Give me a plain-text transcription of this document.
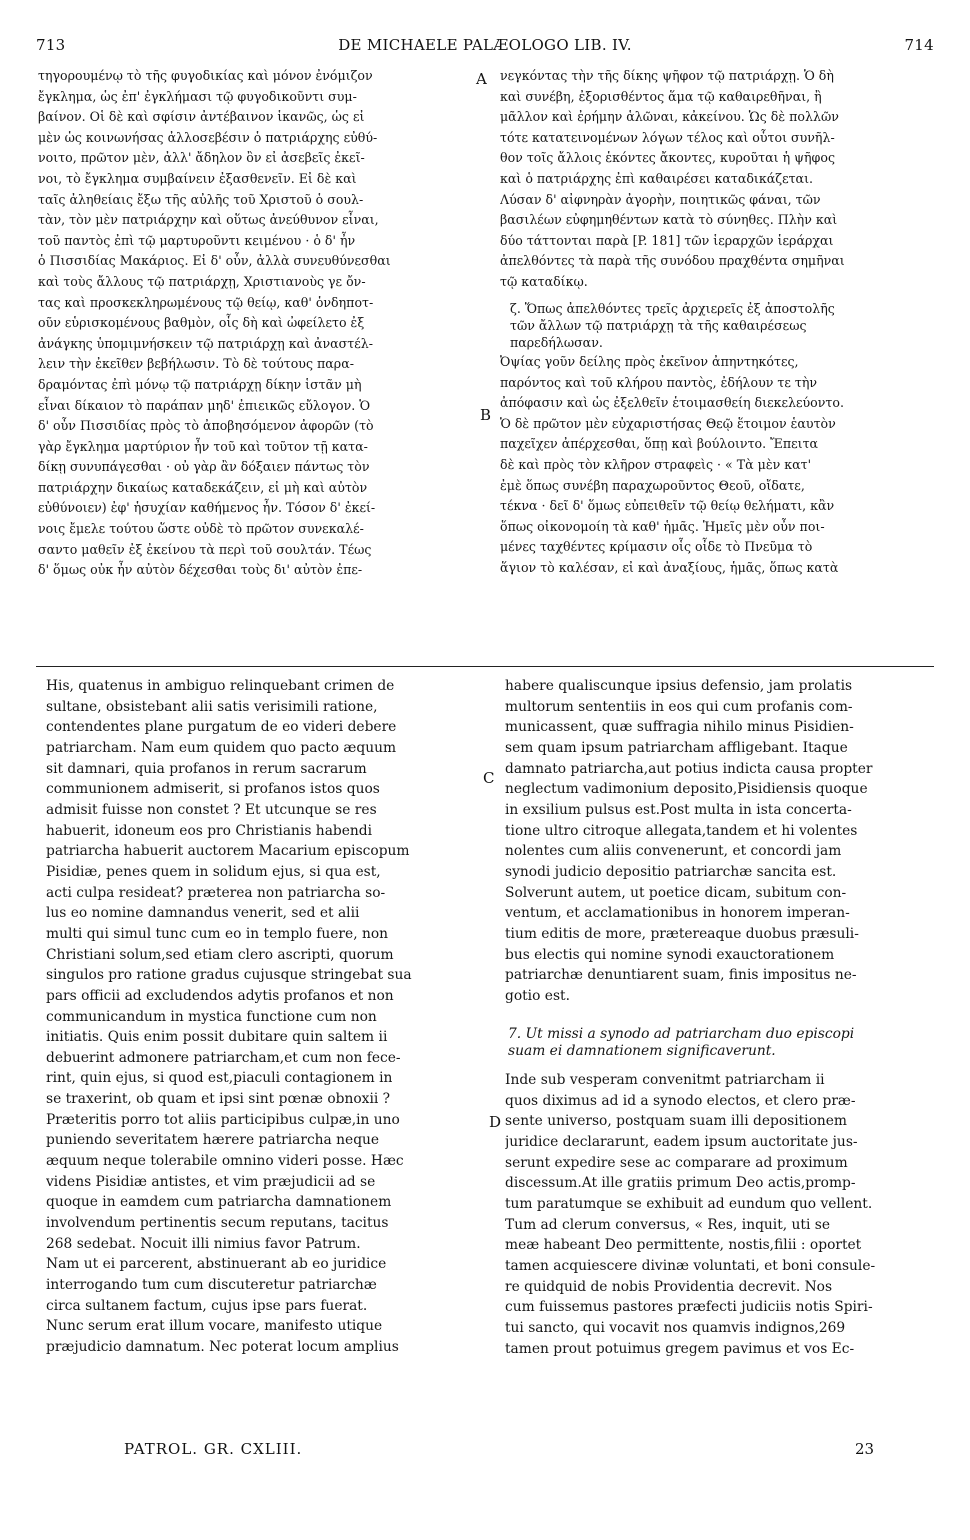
713	DE MICHAELE PALÆOLOGO LIB. IV.	714
τηγορουμένῳ τὸ τῆς φυγοδικίας καὶ μόνον ἐνόμιζον
ἔγκλημα, ὡς ἐπ' ἐγκλήμασι τῷ φυγοδικοῦντι συμ-
βαίνον. Οἱ δὲ καὶ σφίσιν ἀντέβαινον ἱκανῶς, ὡς εἰ
μὲν ὡς κοινωνήσας ἀλλοσεβέσιν ὁ πατριάρχης εὐθύ-
νοιτο, πρῶτον μὲν, ἀλλ' ἄδηλον ὂν εἰ ἀσεβεῖς ἐκεῖ-
νοι, τὸ ἔγκλημα συμβαίνειν ἐξασθενεῖν. Εἰ δὲ καὶ
ταῖς ἀληθείαις ἔξω τῆς αὐλῆς τοῦ Χριστοῦ ὁ σουλ-
τὰν, τὸν μὲν πατριάρχην καὶ οὕτως ἀνεύθυνον εἶναι,
τοῦ παντὸς ἐπὶ τῷ μαρτυροῦντι κειμένου · ὁ δ' ἦν
ὁ Πισσιδίας Μακάριος. Εἰ δ' οὖν, ἀλλὰ συνευθύνεσθαι
καὶ τοὺς ἄλλους τῷ πατριάρχῃ, Χριστιανοὺς γε ὄν-
τας καὶ προσκεκληρωμένους τῷ θείῳ, καθ' ὁνδηποτ-
οῦν εὑρισκομένους βαθμὸν, οἷς δὴ καὶ ὠφείλετο ἐξ
ἀνάγκης ὑπομιμνήσκειν τῷ πατριάρχῃ καὶ ἀναστέλ-
λειν τὴν ἐκεῖθεν βεβήλωσιν. Τὸ δὲ τούτους παρα-
δραμόντας ἐπὶ μόνῳ τῷ πατριάρχῃ δίκην ἱστᾶν μὴ
εἶναι δίκαιον τὸ παράπαν μηδ' ἐπιεικῶς εὔλογον. Ὁ
δ' οὖν Πισσιδίας πρὸς τὸ ἀποβησόμενον ἀφορῶν (τὸ
γὰρ ἔγκλημα μαρτύριον ἦν τοῦ καὶ τοῦτον τῇ κατα-
δίκῃ συνυπάγεσθαι · οὐ γὰρ ἂν δόξαιεν πάντως τὸν
πατριάρχην δικαίως καταδεκάζειν, εἰ μὴ καὶ αὐτὸν
εὐθύνοιεν) ἐφ' ἡσυχίαν καθήμενος ἦν. Τόσον δ' ἐκεί-
νοις ἔμελε τούτου ὥστε οὐδὲ τὸ πρῶτον συνεκαλέ-
σαντο μαθεῖν ἐξ ἐκείνου τὰ περὶ τοῦ σουλτάν. Τέως
δ' ὅμως οὐκ ἦν αὐτὸν δέχεσθαι τοὺς δι' αὐτὸν ἐπε-
νεγκόντας τὴν τῆς δίκης ψῆφον τῷ πατριάρχῃ. Ὁ δὴ
καὶ συνέβη, ἐξορισθέντος ἅμα τῷ καθαιρεθῆναι, ἢ
μᾶλλον καὶ ἐρήμην ἁλῶναι, κἀκείνου. Ὡς δὲ πολλῶν
τότε κατατεινομένων λόγων τέλος καὶ οὗτοι συνῆλ-
θον τοῖς ἄλλοις ἑκόντες ἄκοντες, κυροῦται ἡ ψῆφος
καὶ ὁ πατριάρχης ἐπὶ καθαιρέσει καταδικάζεται.
Λύσαν δ' αἰφνηρὰν ἀγορὴν, ποιητικῶς φάναι, τῶν
βασιλέων εὐφημηθέντων κατὰ τὸ σύνηθες. Πλὴν καὶ
δύο τάττονται παρὰ [P. 181] τῶν ἱεραρχῶν ἱεράρχαι
ἀπελθόντες τὰ παρὰ τῆς συνόδου πραχθέντα σημῆναι
τῷ καταδίκῳ.
ζ. Ὅπως ἀπελθόντες τρεῖς ἀρχιερεῖς ἐξ ἀποστολῆς
τῶν ἄλλων τῷ πατριάρχῃ τὰ τῆς καθαιρέσεως
παρεδήλωσαν.
Ὀψίας γοῦν δείλης πρὸς ἐκεῖνον ἀπηντηκότες,
παρόντος καὶ τοῦ κλήρου παντὸς, ἐδήλουν τε τὴν
ἀπόφασιν καὶ ὡς ἐξελθεῖν ἑτοιμασθείη διεκελεύοντο.
Ὁ δὲ πρῶτον μὲν εὐχαριστήσας Θεῷ ἕτοιμον ἑαυτὸν
παχεῖχεν ἀπέρχεσθαι, ὅπῃ καὶ βούλοιντο. Ἔπειτα
δὲ καὶ πρὸς τὸν κλῆρον στραφεὶς · « Τὰ μὲν κατ'
ἐμὲ ὅπως συνέβη παραχωροῦντος Θεοῦ, οἴδατε,
τέκνα · δεῖ δ' ὅμως εὐπειθεῖν τῷ θείῳ θελήματι, κἂν
ὅπως οἰκονομοίη τὰ καθ' ἡμᾶς. Ἡμεῖς μὲν οὖν ποι-
μένες ταχθέντες κρίμασιν οἷς οἶδε τὸ Πνεῦμα τὸ
ἅγιον τὸ καλέσαν, εἰ καὶ ἀναξίους, ἡμᾶς, ὅπως κατὰ
A
B
C
D
His, quatenus in ambiguo relinquebant crimen de
sultane, obsistebant alii satis verisimili ratione,
contendentes plane purgatum de eo videri debere
patriarcham. Nam eum quidem quo pacto æquum
sit damnari, quia profanos in rerum sacrarum
communionem admiserit, si profanos istos quos
admisit fuisse non constet ? Et utcunque se res
habuerit, idoneum eos pro Christianis habendi
patriarcha habuerit auctorem Macarium episcopum
Pisidiæ, penes quem in solidum ejus, si qua est,
acti culpa resideat? præterea non patriarcha so-
lus eo nomine damnandus venerit, sed et alii
multi qui simul tunc cum eo in templo fuere, non
Christiani solum,sed etiam clero ascripti, quorum
singulos pro ratione gradus cujusque stringebat sua
pars officii ad excludendos adytis profanos et non
communicandum in mystica functione cum non
initiatis. Quis enim possit dubitare quin saltem ii
debuerint admonere patriarcham,et cum non fece-
rint, quin ejus, si quod est,piaculi contagionem in
se traxerint, ob quam et ipsi sint pœnæ obnoxii ?
Præteritis porro tot aliis participibus culpæ,in uno
puniendo severitatem hærere patriarcha neque
æquum neque tolerabile omnino videri posse. Hæc
videns Pisidiæ antistes, et vim præjudicii ad se
quoque in eamdem cum patriarcha damnationem
involvendum pertinentis secum reputans, tacitus
268 sedebat. Nocuit illi nimius favor Patrum.
Nam ut ei parcerent, abstinuerant ab eo juridice
interrogando tum cum discuteretur patriarchæ
circa sultanem factum, cujus ipse pars fuerat.
Nunc serum erat illum vocare, manifesto utique
præjudicio damnatum. Nec poterat locum amplius
habere qualiscunque ipsius defensio, jam prolatis
multorum sententiis in eos qui cum profanis com-
municassent, quæ suffragia nihilo minus Pisidien-
sem quam ipsum patriarcham affligebant. Itaque
damnato patriarcha,aut potius indicta causa propter
neglectum vadimonium deposito,Pisidiensis quoque
in exsilium pulsus est.Post multa in ista concerta-
tione ultro citroque allegata,tandem et hi volentes
nolentes cum aliis convenerunt, et concordi jam
synodi judicio depositio patriarchæ sancita est.
Solverunt autem, ut poetice dicam, subitum con-
ventum, et acclamationibus in honorem imperan-
tium editis de more, prætereaque duobus præsuli-
bus electis qui nomine synodi exauctorationem
patriarchæ denuntiarent suam, finis impositus ne-
gotio est.
7. Ut missi a synodo ad patriarcham duo episcopi
suam ei damnationem significaverunt.
Inde sub vesperam convenitmt patriarcham ii
quos diximus ad id a synodo electos, et clero præ-
sente universo, postquam suam illi depositionem
juridice declararunt, eadem ipsum auctoritate jus-
serunt expedire sese ac comparare ad proximum
discessum.At ille gratiis primum Deo actis,promp-
tum paratumque se exhibuit ad eundum quo vellent.
Tum ad clerum conversus, « Res, inquit, uti se
meæ habeant Deo permittente, nostis,filii : oportet
tamen acquiescere divinæ voluntati, et boni consule-
re quidquid de nobis Providentia decrevit. Nos
cum fuissemus pastores præfecti judiciis notis Spiri-
tui sancto, qui vocavit nos quamvis indignos,269
tamen prout potuimus gregem pavimus et vos Ec-
PATROL. GR. CXLIII.	23
